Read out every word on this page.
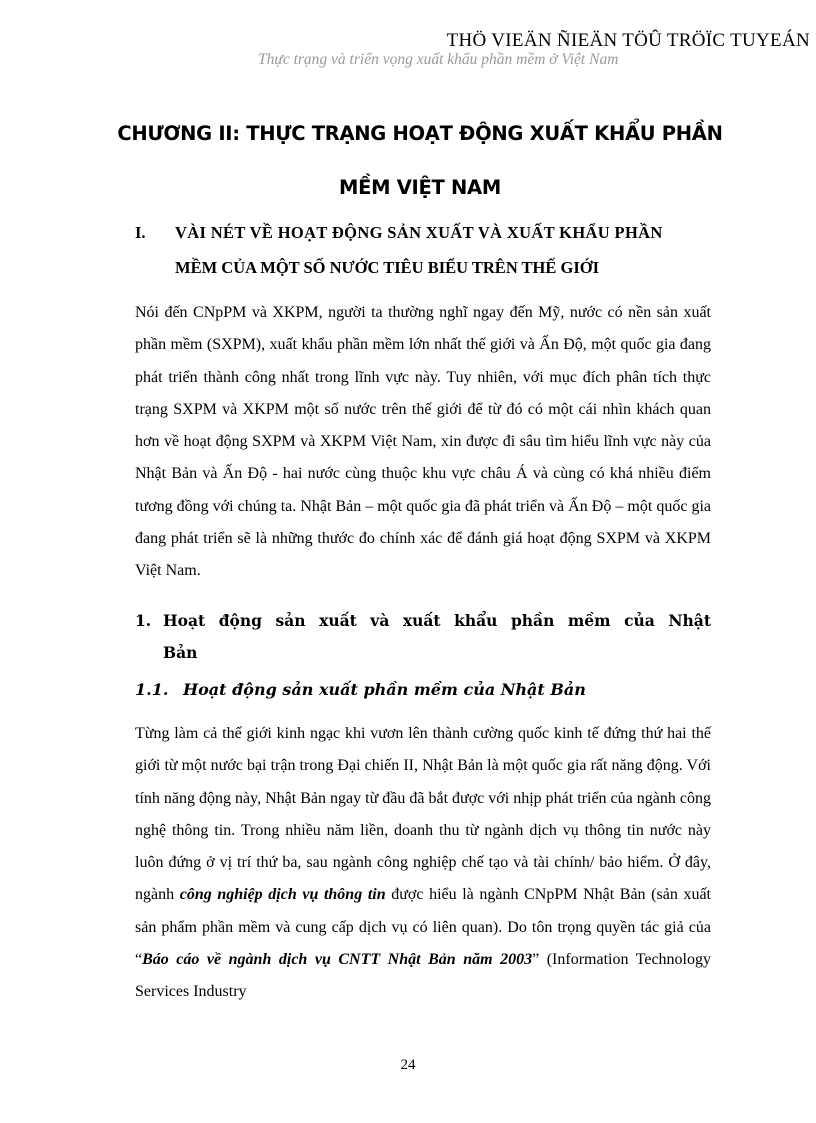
THÖ VIEÄN ÑIEÄN TÖÛ TRÖÏC TUYEÁN
Thực trạng và triển vọng xuất khẩu phần mềm ở Việt Nam
CHƯƠNG II: THỰC TRẠNG HOẠT ĐỘNG XUẤT KHẨU PHẦN
MỀM VIỆT NAM
I. VÀI NÉT VỀ HOẠT ĐỘNG SẢN XUẤT VÀ XUẤT KHẨU PHẦN
MỀM CỦA MỘT SỐ NƯỚC TIÊU BIỂU TRÊN THẾ GIỚI

Nói đến CNpPM và XKPM, người ta thường nghĩ ngay đến Mỹ, nước có nền sản xuất phần mềm (SXPM), xuất khẩu phần mềm lớn nhất thế giới và Ấn Độ, một quốc gia đang phát triển thành công nhất trong lĩnh vực này. Tuy nhiên, với mục đích phân tích thực trạng SXPM và XKPM một số nước trên thế giới để từ đó có một cái nhìn khách quan hơn về hoạt động SXPM và XKPM Việt Nam, xin được đi sâu tìm hiểu lĩnh vực này của Nhật Bản và Ấn Độ - hai nước cùng thuộc khu vực châu Á và cùng có khá nhiều điểm tương đồng với chúng ta. Nhật Bản – một quốc gia đã phát triển và Ấn Độ – một quốc gia đang phát triển sẽ là những thước đo chính xác để đánh giá hoạt động SXPM và XKPM Việt Nam.

1. Hoạt động sản xuất và xuất khẩu phần mềm của Nhật
Bản
1.1. Hoạt động sản xuất phần mềm của Nhật Bản

Từng làm cả thế giới kinh ngạc khi vươn lên thành cường quốc kinh tế đứng thứ hai thế giới từ một nước bại trận trong Đại chiến II, Nhật Bản là một quốc gia rất năng động. Với tính năng động này, Nhật Bản ngay từ đầu đã bắt được với nhịp phát triển của ngành công nghệ thông tin. Trong nhiều năm liền, doanh thu từ ngành dịch vụ thông tin nước này luôn đứng ở vị trí thứ ba, sau ngành công nghiệp chế tạo và tài chính/ bảo hiểm. Ở đây, ngành công nghiệp dịch vụ thông tin được hiểu là ngành CNpPM Nhật Bản (sản xuất sản phẩm phần mềm và cung cấp dịch vụ có liên quan). Do tôn trọng quyền tác giả của “Báo cáo về ngành dịch vụ CNTT Nhật Bản năm 2003” (Information Technology Services Industry

24
